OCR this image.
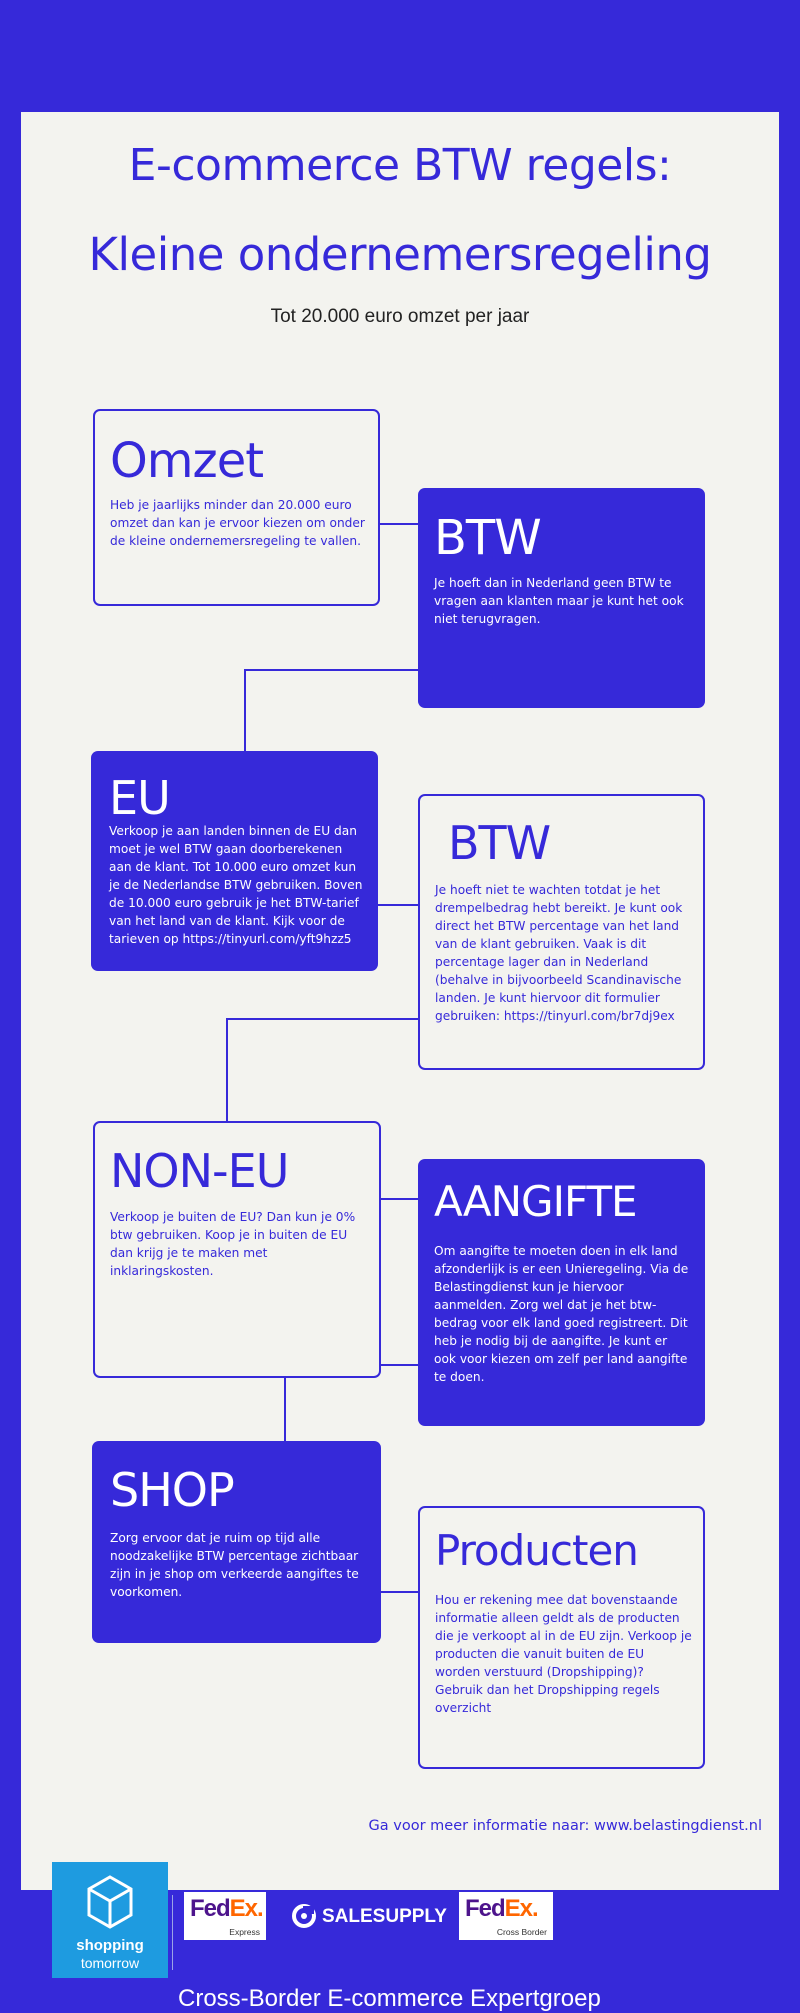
E-commerce BTW regels:
Kleine ondernemersregeling
Tot 20.000 euro omzet per jaar
Omzet

Heb je jaarlijks minder dan 20.000 euro omzet dan kan je ervoor kiezen om onder de kleine ondernemersregeling te vallen. BTW

Je hoeft dan in Nederland geen BTW te vragen aan klanten maar je kunt het ook niet terugvragen.

EU

Verkoop je aan landen binnen de EU dan moet je wel BTW gaan doorberekenen aan de klant. Tot 10.000 euro omzet kun je de Nederlandse BTW gebruiken. Boven de 10.000 euro gebruik je het BTW-tarief van het land van de klant. Kijk voor de tarieven op https://tinyurl.com/yft9hzz5

BTW

Je hoeft niet te wachten totdat je het drempelbedrag hebt bereikt. Je kunt ook direct het BTW percentage van het land van de klant gebruiken. Vaak is dit percentage lager dan in Nederland (behalve in bijvoorbeeld Scandinavische landen. Je kunt hiervoor dit formulier gebruiken: https://tinyurl.com/br7dj9ex

NON-EU

Verkoop je buiten de EU? Dan kun je 0% btw gebruiken. Koop je in buiten de EU dan krijg je te maken met inklaringskosten.

AANGIFTE

Om aangifte te moeten doen in elk land afzonderlijk is er een Unieregeling. Via de Belastingdienst kun je hiervoor aanmelden. Zorg wel dat je het btw-bedrag voor elk land goed registreert. Dit heb je nodig bij de aangifte. Je kunt er ook voor kiezen om zelf per land aangifte te doen.

SHOP

Zorg ervoor dat je ruim op tijd alle noodzakelijke BTW percentage zichtbaar zijn in je shop om verkeerde aangiftes te voorkomen.

Producten

Hou er rekening mee dat bovenstaande informatie alleen geldt als de producten die je verkoopt al in de EU zijn. Verkoop je producten die vanuit buiten de EU worden verstuurd (Dropshipping)? Gebruik dan het Dropshipping regels overzicht

Ga voor meer informatie naar: www.belastingdienst.nl
shopping
tomorrow
FedEx.
Express
SALESUPPLY FedEx.
Cross Border
Cross-Border E-commerce Expertgroep
